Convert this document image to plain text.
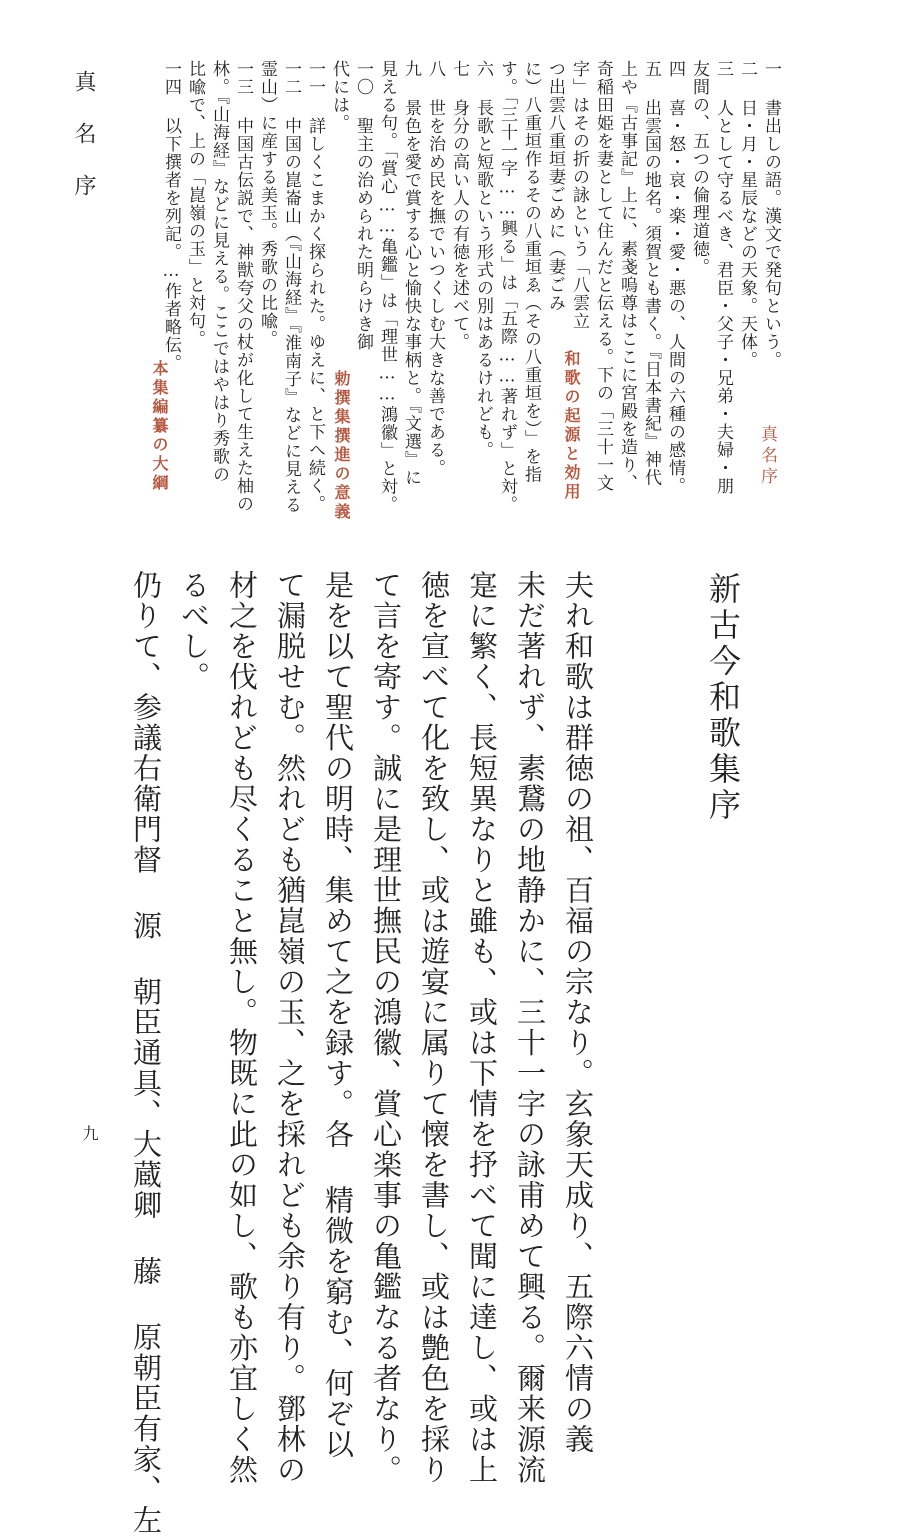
真名序
九
真名序
一 書出しの語。漢文で発句という。
二 日・月・星辰などの天象。天体。
三 人として守るべき、君臣・父子・兄弟・夫婦・朋
友間の、五つの倫理道徳。
四 喜・怒・哀・楽・愛・悪の、人間の六種の感情。
五 出雲国の地名。須賀とも書く。『日本書紀』神代
上や『古事記』上に、素戔嗚尊はここに宮殿を造り、
奇稲田姫を妻として住んだと伝える。下の「三十一文
字」はその折の詠という「八雲立
つ出雲八重垣妻ごめに（妻ごみ
に）八重垣作るその八重垣ゑ（その八重垣を）」を指
す。「三十一字……興る」は「五際……著れず」と対。
六 長歌と短歌という形式の別はあるけれども。
七 身分の高い人の有徳を述べて。
八 世を治め民を撫でいつくしむ大きな善である。
九 景色を愛で賞する心と愉快な事柄と。『文選』に
見える句。「賞心……亀鑑」は「理世……鴻徽」と対。
一〇 聖主の治められた明らけき御
代には。
一一 詳しくこまかく探られた。ゆえに、と下へ続く。
一二 中国の崑崙山（『山海経』『淮南子』などに見える
霊山）に産する美玉。秀歌の比喩。
一三 中国古伝説で、神獣夸父の杖が化して生えた柚の
林。『山海経』などに見える。ここではやはり秀歌の
比喩で、上の「崑嶺の玉」と対句。
一四 以下撰者を列記。…作者略伝。
和歌の起源と効用
勅撰集撰進の意義
本集編纂の大綱
新古今和歌集序
夫れ和歌は群徳の祖、百福の宗なり。玄象天成り、五際六情の義
未だ著れず、素鵞の地静かに、三十一字の詠甫めて興る。爾来源流
寔に繁く、長短異なりと雖も、或は下情を抒べて聞に達し、或は上
徳を宣べて化を致し、或は遊宴に属りて懐を書し、或は艶色を採り
て言を寄す。誠に是理世撫民の鴻徽、賞心楽事の亀鑑なる者なり。
是を以て聖代の明時、集めて之を録す。各 精微を窮む、何ぞ以
て漏脱せむ。然れども猶崑嶺の玉、之を採れども余り有り。鄧林の
材之を伐れども尽くること無し。物既に此の如し、歌も亦宜しく然
るべし。
仍りて、参議右衛門督 源 朝臣通具、大蔵卿 藤 原朝臣有家、左
